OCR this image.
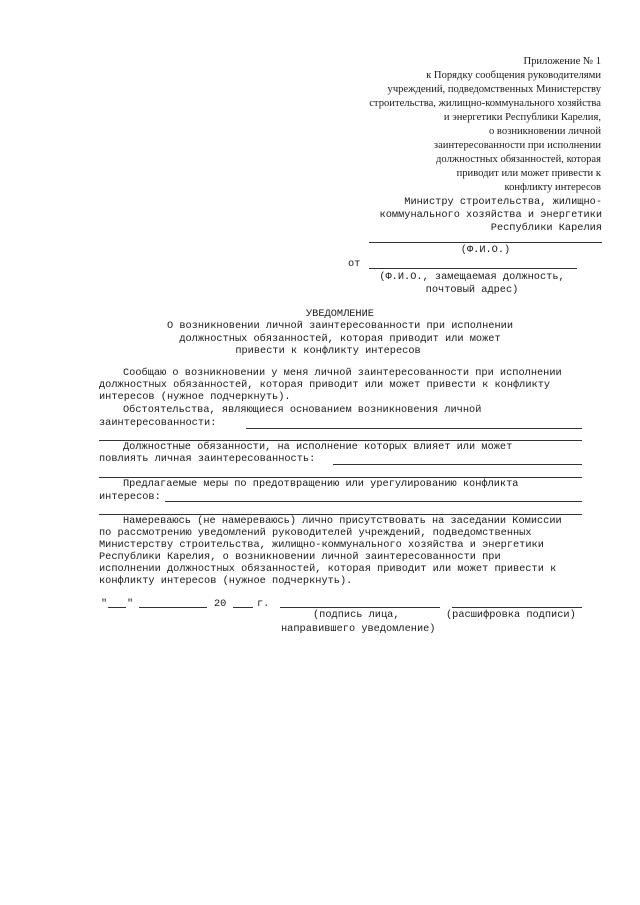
Приложение № 1
к Порядку сообщения руководителями
учреждений, подведомственных Министерству
строительства, жилищно-коммунального хозяйства
и энергетики Республики Карелия,
о возникновении личной
заинтересованности при исполнении
должностных обязанностей, которая
приводит или может привести к
конфликту интересов
Министру строительства, жилищно-
коммунального хозяйства и энергетики
Республики Карелия
(Ф.И.О.)
от
(Ф.И.О., замещаемая должность,
почтовый адрес)
УВЕДОМЛЕНИЕ
О возникновении личной заинтересованности при исполнении
должностных обязанностей, которая приводит или может
привести к конфликту интересов
Сообщаю о возникновении у меня личной заинтересованности при исполнении
должностных обязанностей, которая приводит или может привести к конфликту
интересов (нужное подчеркнуть).
Обстоятельства, являющиеся основанием возникновения личной
заинтересованности:
Должностные обязанности, на исполнение которых влияет или может
повлиять личная заинтересованность:
Предлагаемые меры по предотвращению или урегулированию конфликта
интересов:
Намереваюсь (не намереваюсь) лично присутствовать на заседании Комиссии
по рассмотрению уведомлений руководителей учреждений, подведомственных
Министерству строительства, жилищно-коммунального хозяйства и энергетики
Республики Карелия, о возникновении личной заинтересованности при
исполнении должностных обязанностей, которая приводит или может привести к
конфликту интересов (нужное подчеркнуть).
" "	20	г.
(подпись лица,
направившего уведомление)
(расшифровка подписи)
